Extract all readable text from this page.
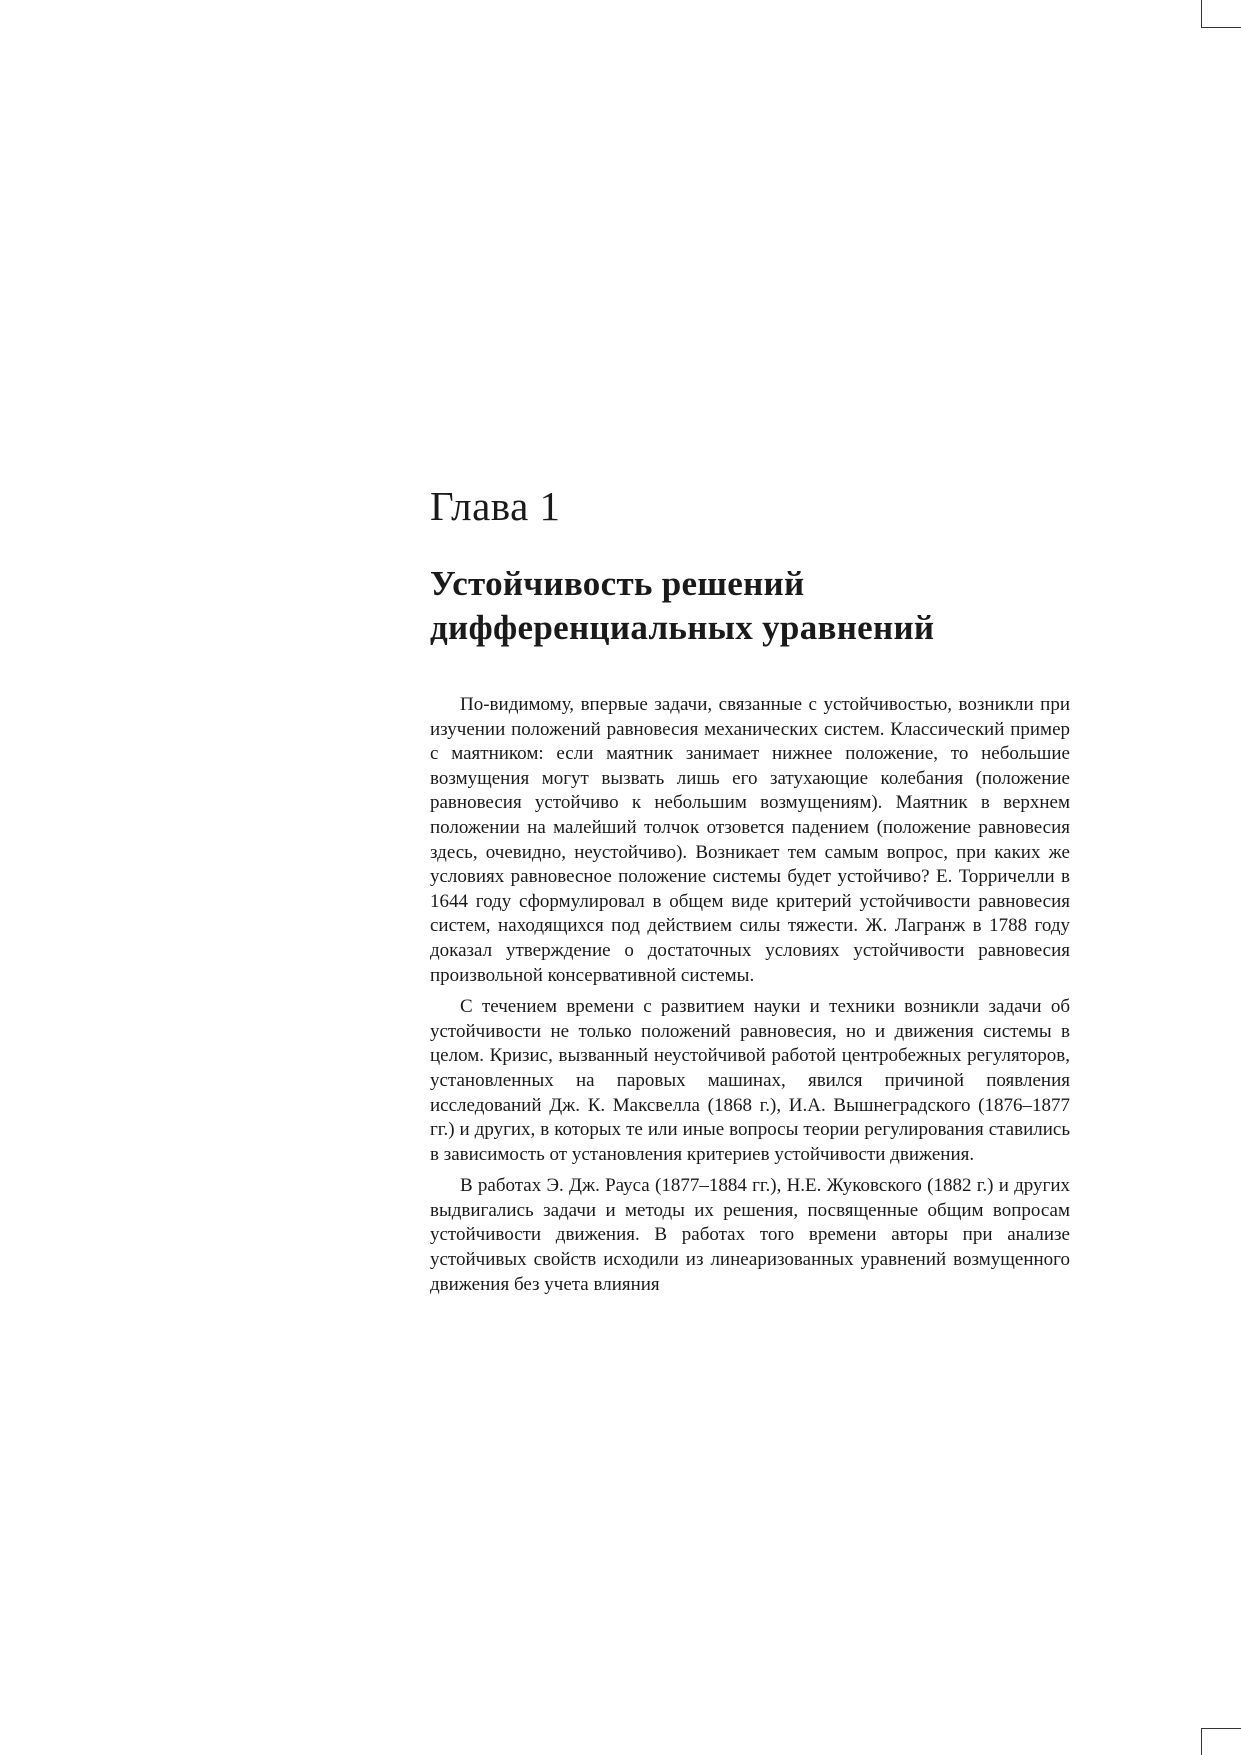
Глава 1
Устойчивость решений
дифференциальных уравнений

По-видимому, впервые задачи, связанные с устойчивостью, возникли при изучении положений равновесия механических систем. Классический пример с маятником: если маятник занимает нижнее положение, то небольшие возмущения могут вызвать лишь его затухающие колебания (положение равновесия устойчиво к небольшим возмущениям). Маятник в верхнем положении на малейший толчок отзовется падением (положение равновесия здесь, очевидно, неустойчиво). Возникает тем самым вопрос, при каких же условиях равновесное положение системы будет устойчиво? Е. Торричелли в 1644 году сформулировал в общем виде критерий устойчивости равновесия систем, находящихся под действием силы тяжести. Ж. Лагранж в 1788 году доказал утверждение о достаточных условиях устойчивости равновесия произвольной консервативной системы.

С течением времени с развитием науки и техники возникли задачи об устойчивости не только положений равновесия, но и движения системы в целом. Кризис, вызванный неустойчивой работой центробежных регуляторов, установленных на паровых машинах, явился причиной появления исследований Дж. К. Максвелла (1868 г.), И.А. Вышнеградского (1876–1877 гг.) и других, в которых те или иные вопросы теории регулирования ставились в зависимость от установления критериев устойчивости движения.

В работах Э. Дж. Рауса (1877–1884 гг.), Н.Е. Жуковского (1882 г.) и других выдвигались задачи и методы их решения, посвященные общим вопросам устойчивости движения. В работах того времени авторы при анализе устойчивых свойств исходили из линеаризованных уравнений возмущенного движения без учета влияния
